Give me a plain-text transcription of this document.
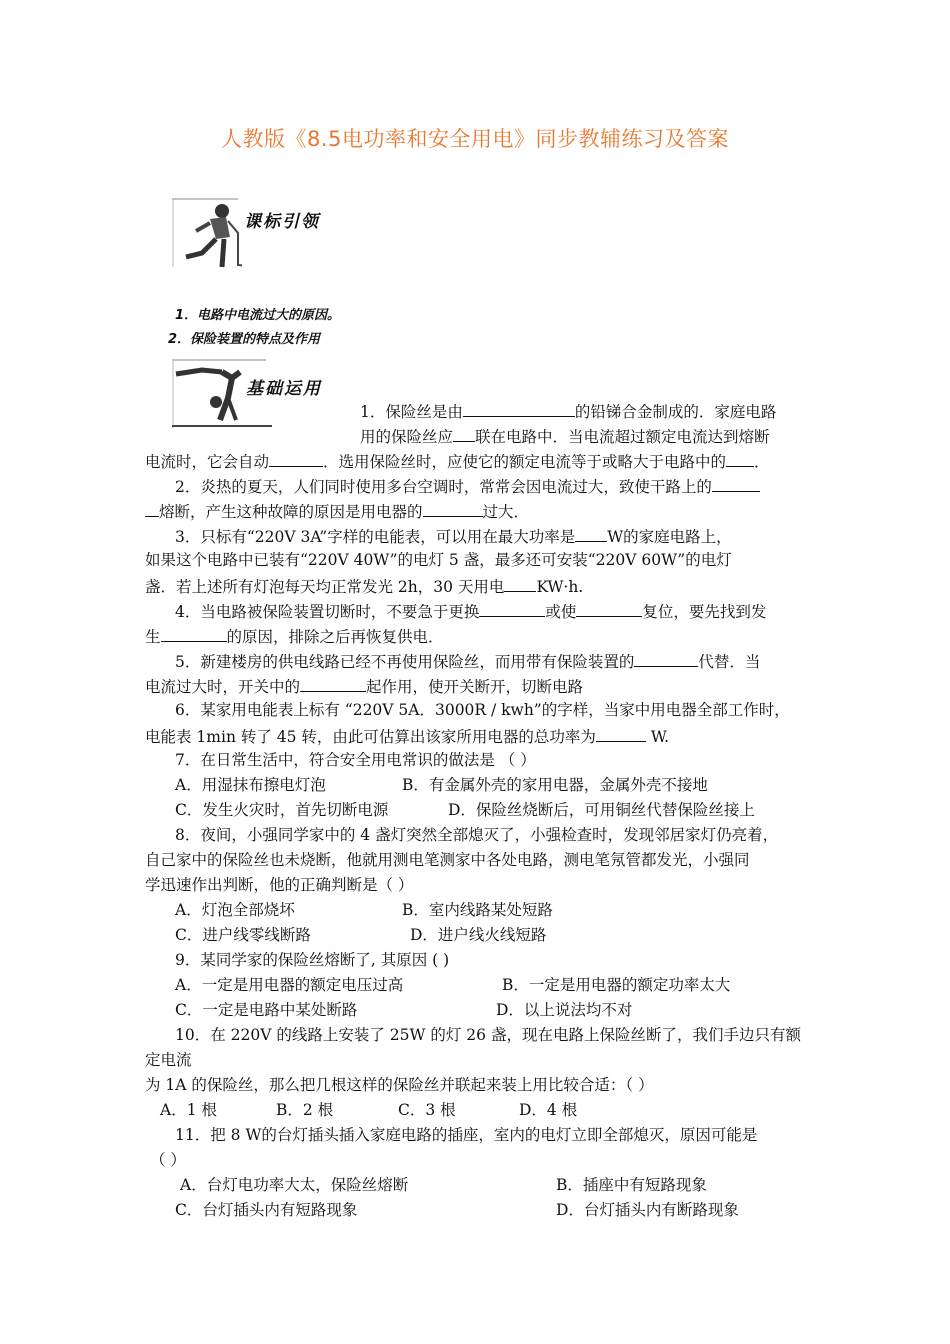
人教版《8.5电功率和安全用电》同步教辅练习及答案
课标引领
1．电路中电流过大的原因。
2．保险装置的特点及作用
基础运用
1．保险丝是由	的铅锑合金制成的．家庭电路
用的保险丝应 联在电路中．当电流超过额定电流达到熔断
电流时，它会自动	．选用保险丝时，应使它的额定电流等于或略大于电路中的 ．
2．炎热的夏天，人们同时使用多台空调时，常常会因电流过大，致使干路上的
熔断，产生这种故障的原因是用电器的	过大．
3．只标有“220V 3A”字样的电能表，可以用在最大功率是 W的家庭电路上，
如果这个电路中已装有“220V 40W”的电灯 5 盏，最多还可安装“220V 60W”的电灯
盏．若上述所有灯泡每天均正常发光 2h，30 天用电 KW·h.
4．当电路被保险装置切断时，不要急于更换	或使	复位，要先找到发
生	的原因，排除之后再恢复供电．
5．新建楼房的供电线路已经不再使用保险丝，而用带有保险装置的	代替．当
电流过大时，开关中的	起作用，使开关断开，切断电路
6．某家用电能表上标有 “220V 5A．3000R / kwh”的字样，当家中用电器全部工作时，
电能表 1min 转了 45 转，由此可估算出该家所用电器的总功率为	W.
7．在日常生活中，符合安全用电常识的做法是 （ ）
A．用湿抹布擦电灯泡	B．有金属外壳的家用电器，金属外壳不接地
C．发生火灾时，首先切断电源	D．保险丝烧断后，可用铜丝代替保险丝接上
8．夜间，小强同学家中的 4 盏灯突然全部熄灭了，小强检查时，发现邻居家灯仍亮着，
自己家中的保险丝也未烧断，他就用测电笔测家中各处电路，测电笔氖管都发光，小强同
学迅速作出判断，他的正确判断是（ ）
A．灯泡全部烧坏	B．室内线路某处短路
C．进户线零线断路	D．进户线火线短路
9．某同学家的保险丝熔断了, 其原因 ( )
A．一定是用电器的额定电压过高	B．一定是用电器的额定功率太大
C．一定是电路中某处断路	D．以上说法均不对
10．在 220V 的线路上安装了 25W 的灯 26 盏，现在电路上保险丝断了，我们手边只有额
定电流
为 1A 的保险丝，那么把几根这样的保险丝并联起来装上用比较合适：（ ）
A．1 根	B．2 根	C．3 根	D．4 根
11．把 8 W的台灯插头插入家庭电路的插座，室内的电灯立即全部熄灭，原因可能是
（ ）
A．台灯电功率大太，保险丝熔断	B．插座中有短路现象
C．台灯插头内有短路现象	D．台灯插头内有断路现象
